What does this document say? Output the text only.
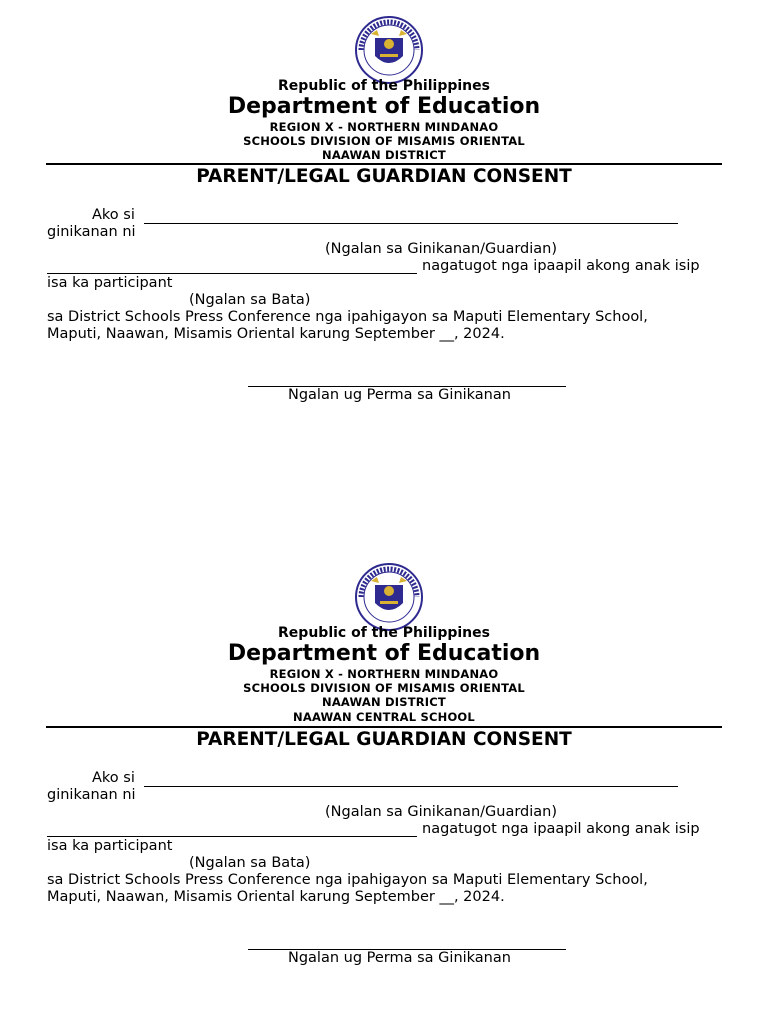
Republic of the Philippines
Department of Education
REGION X - NORTHERN MINDANAO
SCHOOLS DIVISION OF MISAMIS ORIENTAL
NAAWAN DISTRICT
PARENT/LEGAL GUARDIAN CONSENT
Ako si
ginikanan ni
(Ngalan sa Ginikanan/Guardian)
nagatugot nga ipaapil akong anak isip
isa ka participant
(Ngalan sa Bata)
sa District Schools Press Conference nga ipahigayon sa Maputi Elementary School,
Maputi, Naawan, Misamis Oriental karung September __, 2024.
Ngalan ug Perma sa Ginikanan
Republic of the Philippines
Department of Education
REGION X - NORTHERN MINDANAO
SCHOOLS DIVISION OF MISAMIS ORIENTAL
NAAWAN DISTRICT
NAAWAN CENTRAL SCHOOL
PARENT/LEGAL GUARDIAN CONSENT
Ako si
ginikanan ni
(Ngalan sa Ginikanan/Guardian)
nagatugot nga ipaapil akong anak isip
isa ka participant
(Ngalan sa Bata)
sa District Schools Press Conference nga ipahigayon sa Maputi Elementary School,
Maputi, Naawan, Misamis Oriental karung September __, 2024.
Ngalan ug Perma sa Ginikanan
